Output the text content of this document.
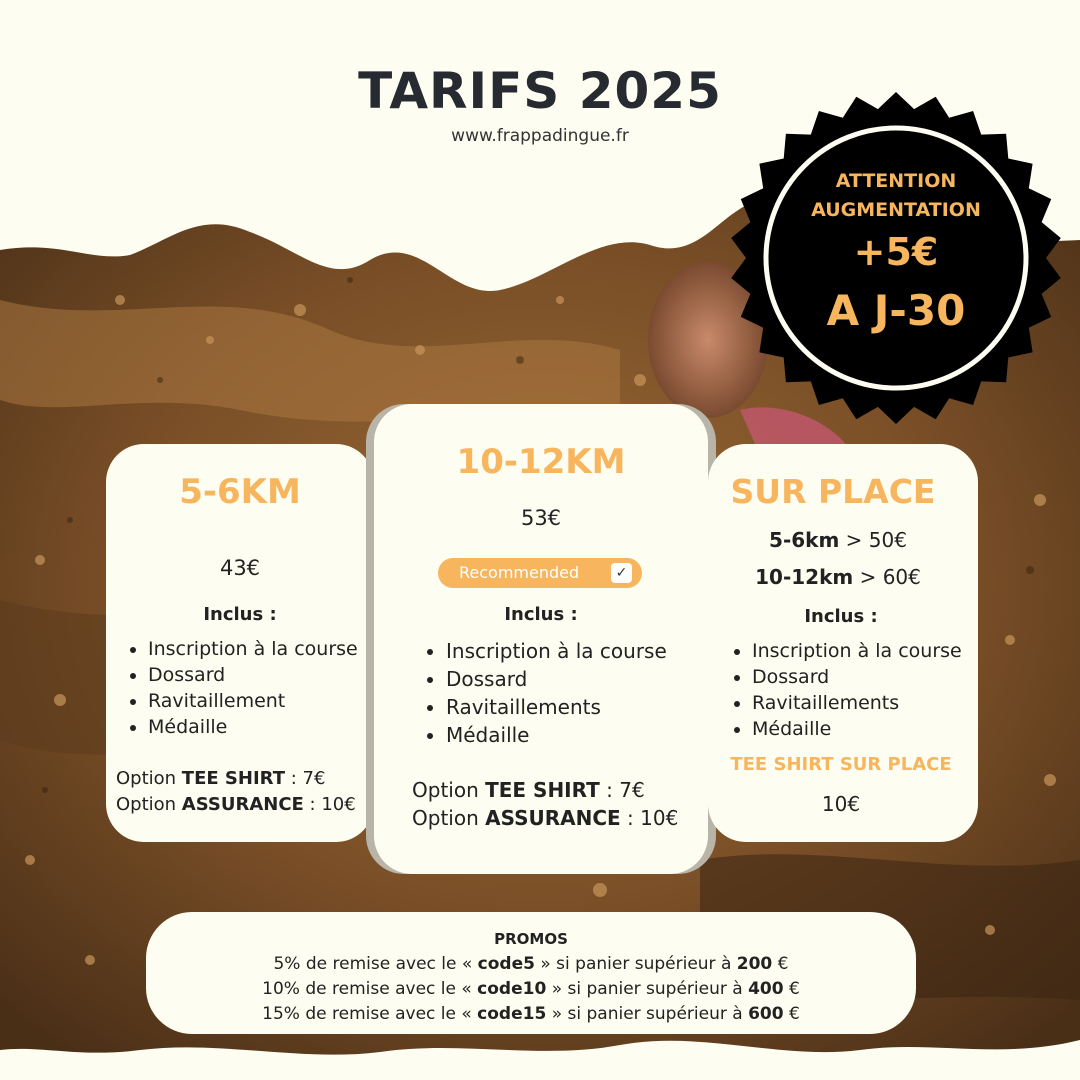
TARIFS 2025
www.frappadingue.fr
ATTENTION
AUGMENTATION
+5€
A J-30
5-6KM
43€
Inclus :
• Inscription à la course
• Dossard
• Ravitaillement
• Médaille
Option TEE SHIRT : 7€
Option ASSURANCE : 10€
10-12KM
53€
Recommended	✓
Inclus :
• Inscription à la course
• Dossard
• Ravitaillements
• Médaille
Option TEE SHIRT : 7€
Option ASSURANCE : 10€
SUR PLACE
5-6km > 50€
10-12km > 60€
Inclus :
• Inscription à la course
• Dossard
• Ravitaillements
• Médaille
TEE SHIRT SUR PLACE
10€
PROMOS
5% de remise avec le « code5 » si panier supérieur à 200 €
10% de remise avec le « code10 » si panier supérieur à 400 €
15% de remise avec le « code15 » si panier supérieur à 600 €
